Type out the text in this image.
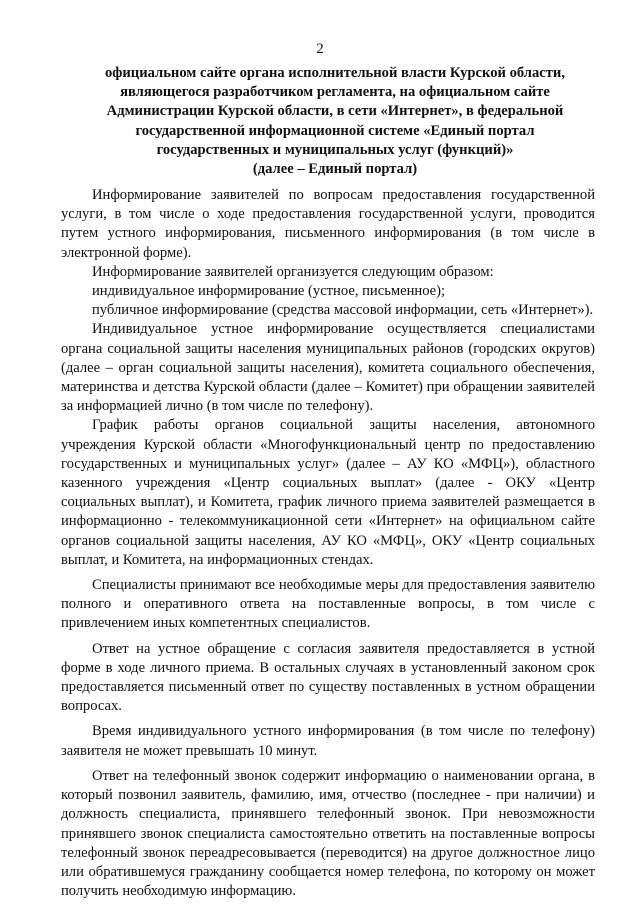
2
официальном сайте органа исполнительной власти Курской области,
являющегося разработчиком регламента, на официальном сайте
Администрации Курской области, в сети «Интернет», в федеральной
государственной информационной системе «Единый портал
государственных и муниципальных услуг (функций)»
(далее – Единый портал)

Информирование заявителей по вопросам предоставления государственной услуги, в том числе о ходе предоставления государственной услуги, проводится путем устного информирования, письменного информирования (в том числе в электронной форме).

Информирование заявителей организуется следующим образом:

индивидуальное информирование (устное, письменное);

публичное информирование (средства массовой информации, сеть «Интернет»).

Индивидуальное устное информирование осуществляется специалистами органа социальной защиты населения муниципальных районов (городских округов) (далее – орган социальной защиты населения), комитета социального обеспечения, материнства и детства Курской области (далее – Комитет) при обращении заявителей за информацией лично (в том числе по телефону).

График работы органов социальной защиты населения, автономного учреждения Курской области «Многофункциональный центр по предоставлению государственных и муниципальных услуг» (далее – АУ КО «МФЦ»), областного казенного учреждения «Центр социальных выплат» (далее - ОКУ «Центр социальных выплат), и Комитета, график личного приема заявителей размещается в информационно - телекоммуникационной сети «Интернет» на официальном сайте органов социальной защиты населения, АУ КО «МФЦ», ОКУ «Центр социальных выплат, и Комитета, на информационных стендах.

Специалисты принимают все необходимые меры для предоставления заявителю полного и оперативного ответа на поставленные вопросы, в том числе с привлечением иных компетентных специалистов.

Ответ на устное обращение с согласия заявителя предоставляется в устной форме в ходе личного приема. В остальных случаях в установленный законом срок предоставляется письменный ответ по существу поставленных в устном обращении вопросах.

Время индивидуального устного информирования (в том числе по телефону) заявителя не может превышать 10 минут.

Ответ на телефонный звонок содержит информацию о наименовании органа, в который позвонил заявитель, фамилию, имя, отчество (последнее - при наличии) и должность специалиста, принявшего телефонный звонок. При невозможности принявшего звонок специалиста самостоятельно ответить на поставленные вопросы телефонный звонок переадресовывается (переводится) на другое должностное лицо или обратившемуся гражданину сообщается номер телефона, по которому он может получить необходимую информацию.
